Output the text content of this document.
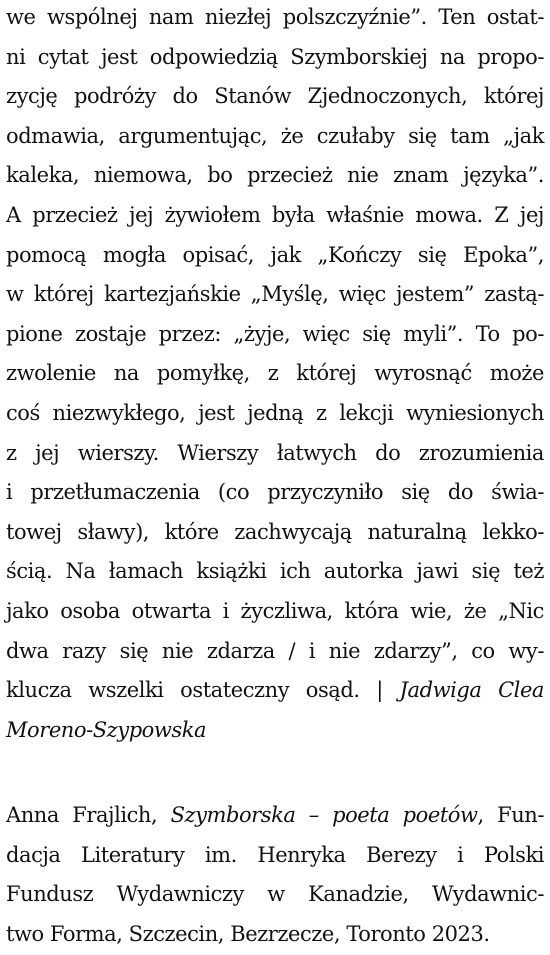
we wspólnej nam niezłej polszczyźnie”. Ten ostat-
ni cytat jest odpowiedzią Szymborskiej na propo-
zycję podróży do Stanów Zjednoczonych, której
odmawia, argumentując, że czułaby się tam „jak
kaleka, niemowa, bo przecież nie znam języka”.
A przecież jej żywiołem była właśnie mowa. Z jej
pomocą mogła opisać, jak „Kończy się Epoka”,
w której kartezjańskie „Myślę, więc jestem” zastą-
pione zostaje przez: „żyje, więc się myli”. To po-
zwolenie na pomyłkę, z której wyrosnąć może
coś niezwykłego, jest jedną z lekcji wyniesionych
z jej wierszy. Wierszy łatwych do zrozumienia
i przetłumaczenia (co przyczyniło się do świa-
towej sławy), które zachwycają naturalną lekko-
ścią. Na łamach książki ich autorka jawi się też
jako osoba otwarta i życzliwa, która wie, że „Nic
dwa razy się nie zdarza / i nie zdarzy”, co wy-
klucza wszelki ostateczny osąd. | Jadwiga Clea
Moreno-Szypowska
Anna Frajlich, Szymborska – poeta poetów, Fun-
dacja Literatury im. Henryka Berezy i Polski
Fundusz Wydawniczy w Kanadzie, Wydawnic-
two Forma, Szczecin, Bezrzecze, Toronto 2023.
